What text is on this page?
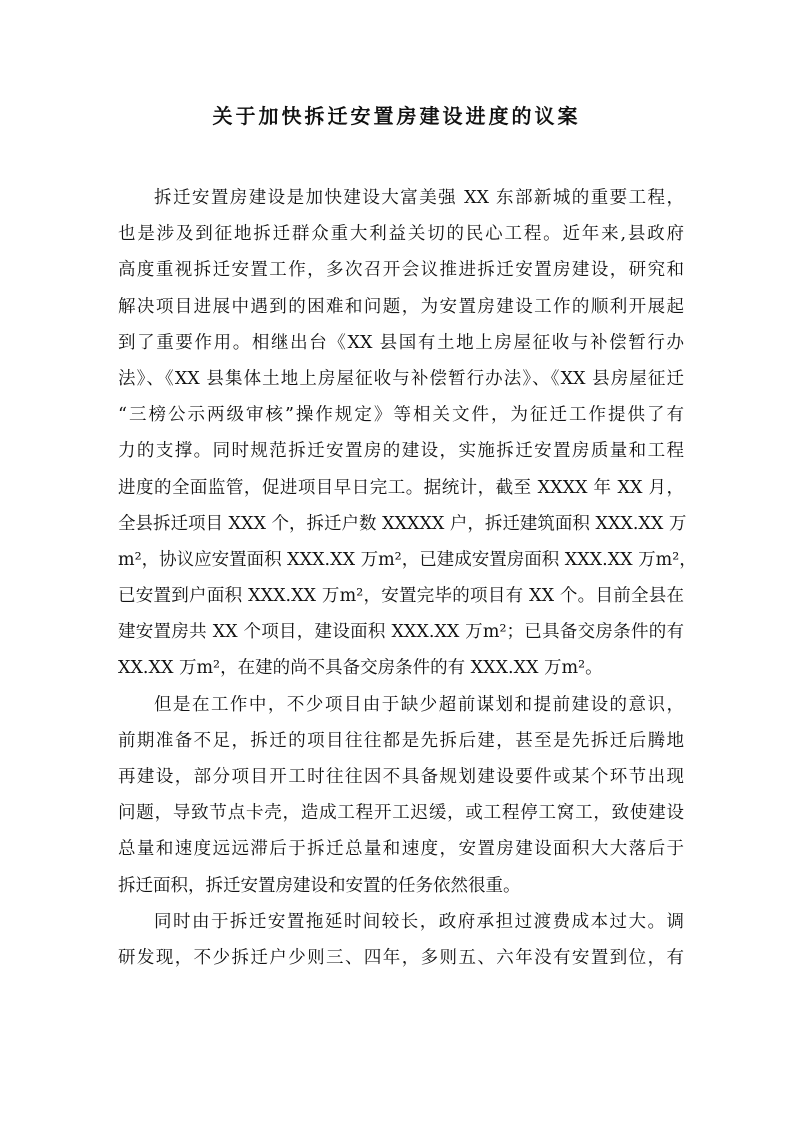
关于加快拆迁安置房建设进度的议案
拆迁安置房建设是加快建设大富美强 XX 东部新城的重要工程，
也是涉及到征地拆迁群众重大利益关切的民心工程。近年来,县政府
高度重视拆迁安置工作，多次召开会议推进拆迁安置房建设，研究和
解决项目进展中遇到的困难和问题，为安置房建设工作的顺利开展起
到了重要作用。相继出台《XX 县国有土地上房屋征收与补偿暂行办
法》、《XX 县集体土地上房屋征收与补偿暂行办法》、《XX 县房屋征迁
“三榜公示两级审核”操作规定》等相关文件，为征迁工作提供了有
力的支撑。同时规范拆迁安置房的建设，实施拆迁安置房质量和工程
进度的全面监管，促进项目早日完工。据统计，截至 XXXX 年 XX 月，
全县拆迁项目 XXX 个，拆迁户数 XXXXX 户，拆迁建筑面积 XXX.XX 万
m²，协议应安置面积 XXX.XX 万m²，已建成安置房面积 XXX.XX 万m²，
已安置到户面积 XXX.XX 万m²，安置完毕的项目有 XX 个。目前全县在
建安置房共 XX 个项目，建设面积 XXX.XX 万m²；已具备交房条件的有
XX.XX 万m²，在建的尚不具备交房条件的有 XXX.XX 万m²。
但是在工作中，不少项目由于缺少超前谋划和提前建设的意识，
前期准备不足，拆迁的项目往往都是先拆后建，甚至是先拆迁后腾地
再建设，部分项目开工时往往因不具备规划建设要件或某个环节出现
问题，导致节点卡壳，造成工程开工迟缓，或工程停工窝工，致使建设
总量和速度远远滞后于拆迁总量和速度，安置房建设面积大大落后于
拆迁面积，拆迁安置房建设和安置的任务依然很重。
同时由于拆迁安置拖延时间较长，政府承担过渡费成本过大。调
研发现，不少拆迁户少则三、四年，多则五、六年没有安置到位，有
